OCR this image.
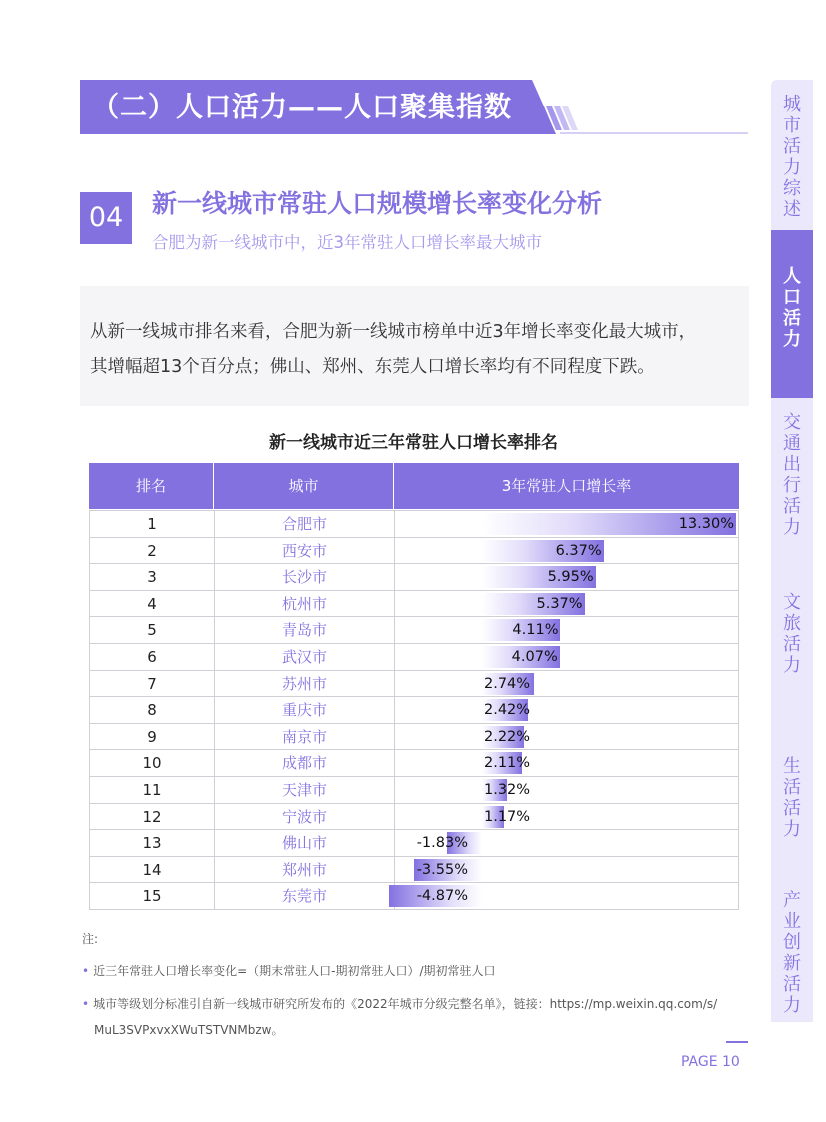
（二）人口活力——人口聚集指数	城
市
活
力
综
述
人
口
活
力
交
通
出
行
活
力
文
旅
活
力
生
活
活
力
产
业
创
新
活
力
04	新一线城市常驻人口规模增长率变化分析
合肥为新一线城市中，近3年常驻人口增长率最大城市
从新一线城市排名来看，合肥为新一线城市榜单中近3年增长率变化最大城市，
其增幅超13个百分点；佛山、郑州、东莞人口增长率均有不同程度下跌。
新一线城市近三年常驻人口增长率排名
排名	城市	3年常驻人口增长率
1	合肥市	13.30%
2	西安市	6.37%
3	长沙市	5.95%
4	杭州市	5.37%
5	青岛市	4.11%
6	武汉市	4.07%
7	苏州市	2.74%
8	重庆市	2.42%
9	南京市	2.22%
10	成都市	2.11%
11	天津市	1.32%
12	宁波市	1.17%
13	佛山市	-1.83%
14	郑州市	-3.55%
15	东莞市	-4.87%
注:
• 近三年常驻人口增长率变化=（期末常驻人口-期初常驻人口）/期初常驻人口
• 城市等级划分标准引自新一线城市研究所发布的《2022年城市分级完整名单》，链接：https://mp.weixin.qq.com/s/
MuL3SVPxvxXWuTSTVNMbzw。
PAGE 10
